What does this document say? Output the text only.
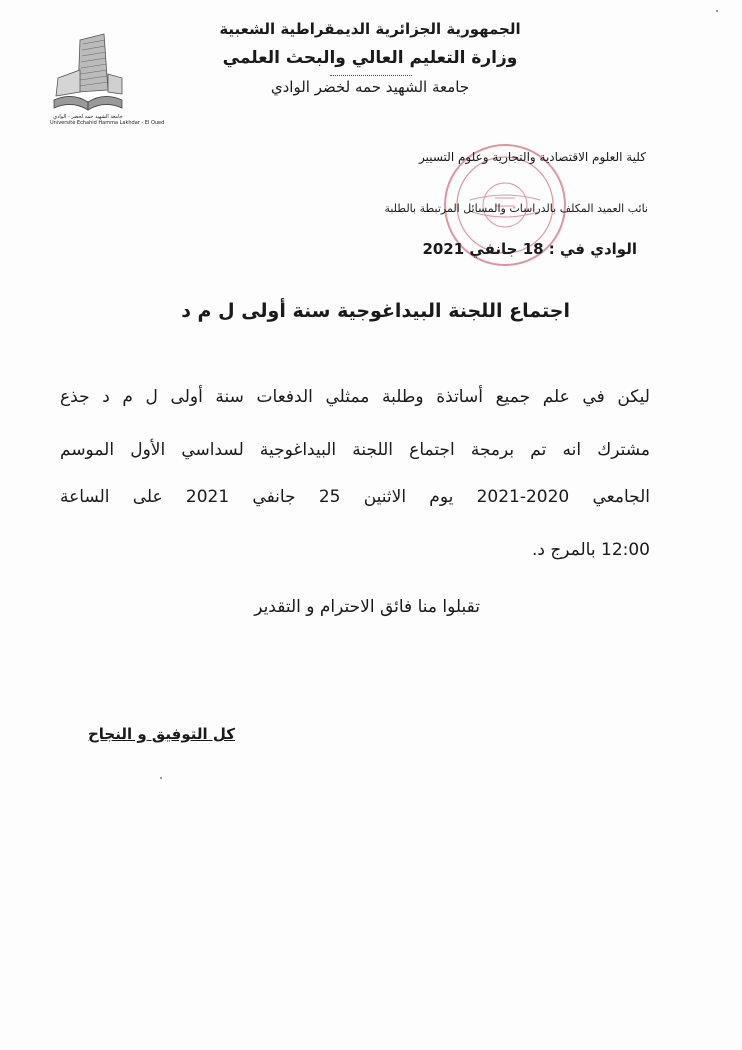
جامعة الشهيد حمه لخضر - الوادي
Université Echahid Hamma Lakhdar - El Oued
الجمهورية الجزائرية الديمقراطية الشعبية
وزارة التعليم العالي والبحث العلمي
جامعة الشهيد حمه لخضر الوادي
كلية العلوم الاقتصادية والتجارية وعلوم التسيير
نائب العميد المكلف بالدراسات والمسائل المرتبطة بالطلبة
الوادي في : 18 جانفي 2021
اجتماع اللجنة البيداغوجية سنة أولى ل م د
ليكن في علم جميع أساتذة وطلبة ممثلي الدفعات سنة أولى ل م د جذع
مشترك انه تم برمجة اجتماع اللجنة البيداغوجية لسداسي الأول الموسم
الجامعي 2020-2021 يوم الاثنين 25 جانفي 2021 على الساعة
12:00 بالمرج د.
تقبلوا منا فائق الاحترام و التقدير
كل التوفيق و النجاح
